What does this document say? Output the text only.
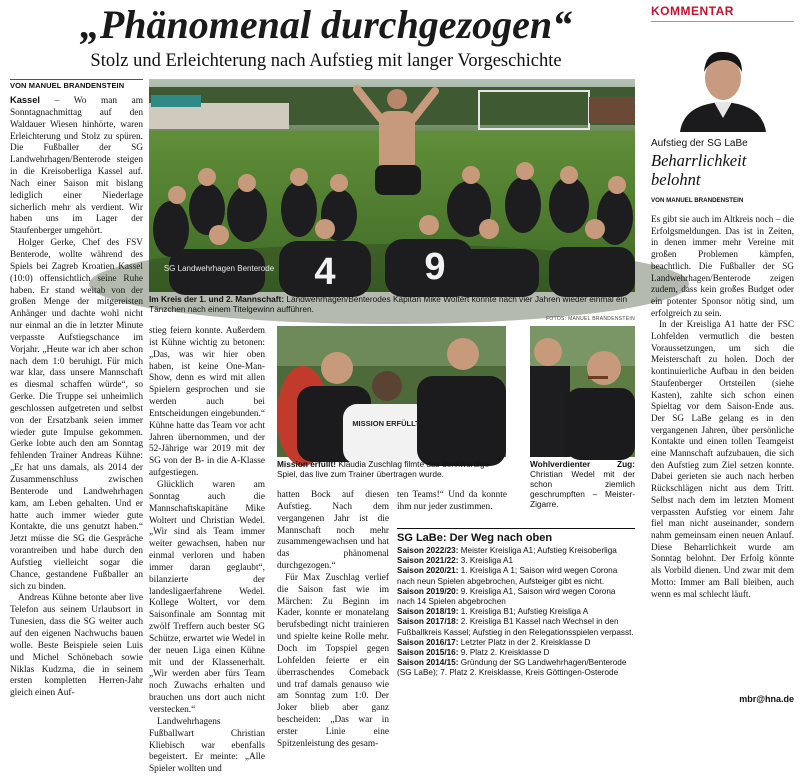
„Phänomenal durchgezogen“
Stolz und Erleichterung nach Aufstieg mit langer Vorgeschichte
VON MANUEL BRANDENSTEIN

Kassel – Wo man am Sonntagnachmittag auf den Waldauer Wiesen hinhörte, waren Erleichterung und Stolz zu spüren. Die Fußballer der SG Landwehrhagen/Benterode steigen in die Kreisoberliga Kassel auf. Nach einer Saison mit bislang lediglich einer Niederlage sicherlich mehr als verdient. Wir haben uns im Lager der Staufenberger umgehört.

Holger Gerke, Chef des FSV Benterode, wollte während des Spiels bei Zagreb Kroatien Kassel (10:0) offensichtlich seine Ruhe haben. Er stand weitab von der großen Menge der mitgereisten Anhänger und dachte wohl nicht nur einmal an die in letzter Minute verpasste Aufstiegschance im Vorjahr. „Heute war ich aber schon nach dem 1:0 beruhigt. Für mich war klar, dass unsere Mannschaft es diesmal schaffen würde“, so Gerke. Die Truppe sei unheimlich geschlossen aufgetreten und selbst von der Ersatzbank seien immer wieder gute Impulse gekommen. Gerke lobte auch den am Sonntag fehlenden Trainer Andreas Kühne: „Er hat uns damals, als 2014 der Zusammenschluss zwischen Benterode und Landwehrhagen kam, am Leben gehalten. Und er hatte auch immer wieder gute Kontakte, die uns genutzt haben.“ Jetzt müsse die SG die Gespräche vorantreiben und habe durch den Aufstieg vielleicht sogar die Chance, gestandene Fußballer an sich zu binden.

Andreas Kühne betonte aber live Telefon aus seinem Urlaubsort in Tunesien, dass die SG weiter auch auf den eigenen Nachwuchs bauen wolle. Beste Beispiele seien Luis und Michel Schönebach sowie Niklas Kudzma, die in seinem ersten kompletten Herren-Jahr gleich einen Auf-

SG Landwehrhagen Benterode 4 9
Im Kreis der 1. und 2. Mannschaft: Landwehrhagen/Benterodes Kapitän Mike Woltert konnte nach vier Jahren wieder einmal ein Tänzchen nach einem Titelgewinn aufführen.
FOTOS: MANUEL BRANDENSTEIN

stieg feiern konnte. Außerdem ist Kühne wichtig zu betonen: „Das, was wir hier oben haben, ist keine One-Man-Show, denn es wird mit allen Spielern gesprochen und sie werden auch bei Entscheidungen eingebunden.“ Kühne hatte das Team vor acht Jahren übernommen, und der 52-Jährige war 2019 mit der SG von der B- in die A-Klasse aufgestiegen.

Glücklich waren am Sonntag auch die Mannschaftskapitäne Mike Woltert und Christian Wedel. „Wir sind als Team immer weiter gewachsen, haben nur einmal verloren und haben immer daran geglaubt“, bilanzierte der landesligaerfahrene Wedel. Kollege Woltert, vor dem Saisonfinale am Sonntag mit zwölf Treffern auch bester SG Schütze, erwartet wie Wedel in der neuen Liga einen Kühne mit und der Klassenerhalt. „Wir werden aber fürs Team noch Zuwachs erhalten und brauchen uns dort auch nicht verstecken.“

Landwehrhagens Fußballwart Christian Kliebisch war ebenfalls begeistert. Er meinte: „Alle Spieler wollten und

MISSION ERFÜLLT
Mission erfüllt! Klaudia Zuschlag filmte das denkwürdige Spiel, das live zum Trainer übertragen wurde.
Wohlverdienter Zug: Christian Wedel mit der schon ziemlich geschrumpften – Meister-Zigarre.

hatten Bock auf diesen Aufstieg. Nach dem vergangenen Jahr ist die Mannschaft noch mehr zusammengewachsen und hat das phänomenal durchgezogen.“

Für Max Zuschlag verlief die Saison fast wie im Märchen: Zu Beginn im Kader, konnte er monatelang berufsbedingt nicht trainieren und spielte keine Rolle mehr. Doch im Topspiel gegen Lohfelden feierte er ein überraschendes Comeback und traf damals genauso wie am Sonntag zum 1:0. Der Joker blieb aber ganz bescheiden: „Das war in erster Linie eine Spitzenleistung des gesam-

ten Teams!“ Und da konnte ihm nur jeder zustimmen.

SG LaBe: Der Weg nach oben
Saison 2022/23: Meister Kreisliga A1; Aufstieg Kreisoberliga
Saison 2021/22: 3. Kreisliga A1
Saison 2020/21: 1. Kreisliga A 1; Saison wird wegen Corona nach neun Spielen abgebrochen, Aufsteiger gibt es nicht.
Saison 2019/20: 9. Kreisliga A1, Saison wird wegen Corona nach 14 Spielen abgebrochen
Saison 2018/19: 1. Kreisliga B1; Aufstieg Kreisliga A
Saison 2017/18: 2. Kreisliga B1 Kassel nach Wechsel in den Fußballkreis Kassel; Aufstieg in den Relegationsspielen verpasst.
Saison 2016/17: Letzter Platz in der 2. Kreisklasse D
Saison 2015/16: 9. Platz 2. Kreisklasse D
Saison 2014/15: Gründung der SG Landwehrhagen/Benterode (SG LaBe); 7. Platz 2. Kreisklasse, Kreis Göttingen-Osterode
KOMMENTAR
Aufstieg der SG LaBe
Beharrlichkeit belohnt
VON MANUEL BRANDENSTEIN

Es gibt sie auch im Altkreis noch – die Erfolgsmeldungen. Das ist in Zeiten, in denen immer mehr Vereine mit großen Problemen kämpfen, beachtlich. Die Fußballer der SG Landwehrhagen/Benterode zeigen zudem, dass kein großes Budget oder ein potenter Sponsor nötig sind, um erfolgreich zu sein.

In der Kreisliga A1 hatte der FSC Lohfelden vermutlich die besten Voraussetzungen, um sich die Meisterschaft zu holen. Doch der kontinuierliche Aufbau in den beiden Staufenberger Ortsteilen (siehe Kasten), zahlte sich schon einen Spieltag vor dem Saison-Ende aus. Der SG LaBe gelang es in den vergangenen Jahren, über persönliche Kontakte und einen tollen Teamgeist eine Mannschaft aufzubauen, die sich den Aufstieg zum Ziel setzen konnte. Dabei gerieten sie auch nach herben Rückschlägen nicht aus dem Tritt. Selbst nach dem im letzten Moment verpassten Aufstieg vor einem Jahr fiel man nicht auseinander, sondern nahm gemeinsam einen neuen Anlauf. Diese Beharrlichkeit wurde am Sonntag belohnt. Der Erfolg könnte als Vorbild dienen. Und zwar mit dem Motto: Immer am Ball bleiben, auch wenn es mal schlecht läuft.

mbr@hna.de
